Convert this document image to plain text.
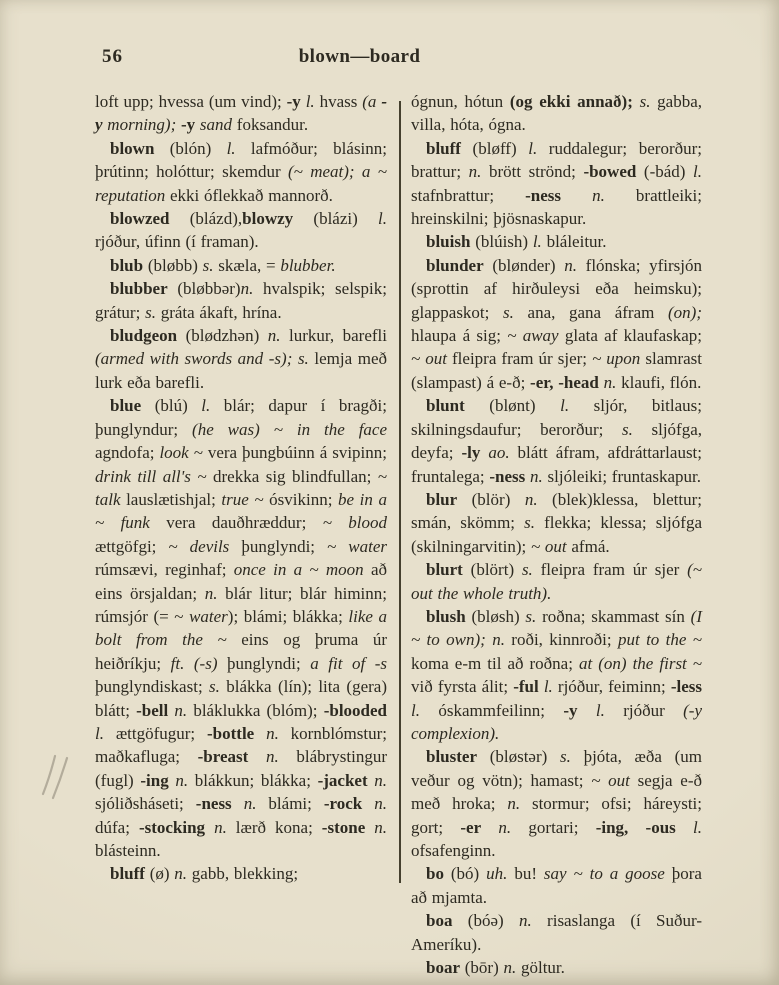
56	blown—board

loft upp; hvessa (um vind); -y l. hvass (a -y morning); -y sand foksandur.

blown (blón) l. lafmóður; blásinn; þrútinn; holóttur; skemdur (~ meat); a ~ reputation ekki óflekkað mannorð.

blowzed (blázd),blowzy (blázi) l. rjóður, úfinn (í framan).

blub (bløbb) s. skæla, = blubber.

blubber (bløbbər)n. hvalspik; selspik; grátur; s. gráta ákaft, hrína.

bludgeon (blødzhən) n. lurkur, barefli (armed with swords and -s); s. lemja með lurk eða barefli.

blue (blú) l. blár; dapur í bragði; þunglyndur; (he was) ~ in the face agndofa; look ~ vera þungbúinn á svipinn; drink till all's ~ drekka sig blindfullan; ~ talk lauslætishjal; true ~ ósvikinn; be in a ~ funk vera dauðhræddur; ~ blood ættgöfgi; ~ devils þunglyndi; ~ water rúmsævi, reginhaf; once in a ~ moon að eins örsjaldan; n. blár litur; blár himinn; rúmsjór (= ~ water); blámi; blákka; like a bolt from the ~ eins og þruma úr heiðríkju; ft. (-s) þunglyndi; a fit of -s þunglyndiskast; s. blákka (lín); lita (gera) blátt; -bell n. bláklukka (blóm); -blooded l. ættgöfugur; -bottle n. kornblómstur; maðkafluga; -breast n. blábrystingur (fugl) -ing n. blákkun; blákka; -jacket n. sjóliðsháseti; -ness n. blámi; -rock n. dúfa; -stocking n. lærð kona; -stone n. blásteinn.

bluff (ø) n. gabb, blekking;

ógnun, hótun (og ekki annað); s. gabba, villa, hóta, ógna.

bluff (bløff) l. ruddalegur; berorður; brattur; n. brött strönd; -bowed (-bád) l. stafnbrattur; -ness n. brattleiki; hreinskilni; þjösnaskapur.

bluish (blúish) l. bláleitur.

blunder (blønder) n. flónska; yfirsjón (sprottin af hirðuleysi eða heimsku); glappaskot; s. ana, gana áfram (on); hlaupa á sig; ~ away glata af klaufaskap; ~ out fleipra fram úr sjer; ~ upon slamrast (slampast) á e-ð; -er, -head n. klaufi, flón.

blunt (blønt) l. sljór, bitlaus; skilningsdaufur; berorður; s. sljófga, deyfa; -ly ao. blátt áfram, afdráttarlaust; fruntalega; -ness n. sljóleiki; fruntaskapur.

blur (blör) n. (blek)klessa, blettur; smán, skömm; s. flekka; klessa; sljófga (skilningarvitin); ~ out afmá.

blurt (blört) s. fleipra fram úr sjer (~ out the whole truth).

blush (bløsh) s. roðna; skammast sín (I ~ to own); n. roði, kinnroði; put to the ~ koma e-m til að roðna; at (on) the first ~ við fyrsta álit; -ful l. rjóður, feiminn; -less l. óskammfeilinn; -y l. rjóður (-y complexion).

bluster (bløstər) s. þjóta, æða (um veður og vötn); hamast; ~ out segja e-ð með hroka; n. stormur; ofsi; háreysti; gort; -er n. gortari; -ing, -ous l. ofsafenginn.

bo (bó) uh. bu! say ~ to a goose þora að mjamta.

boa (bóə) n. risaslanga (í Suður-Ameríku).

boar (bōr) n. göltur.
